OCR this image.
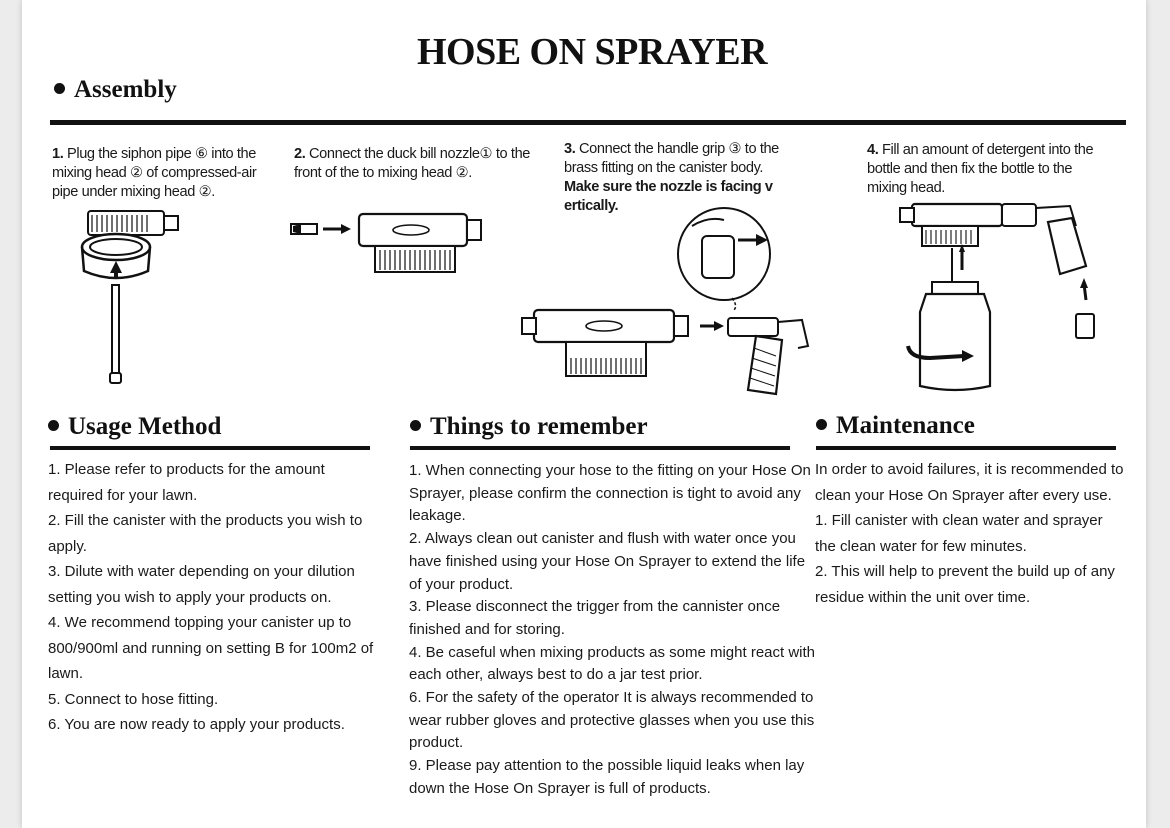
HOSE ON SPRAYER
Assembly
1. Plug the siphon pipe ⑥ into the mixing head ② of compressed-air pipe under mixing head ②.
2. Connect the duck bill nozzle① to the front of the to mixing head ②.
3. Connect the handle grip ③ to the brass fitting on the canister body.
Make sure the nozzle is facing v ertically.
4. Fill an amount of detergent into the bottle and then fix the bottle to the mixing head.
Usage Method
1. Please refer to products for the amount required for your lawn.
2. Fill the canister with the products you wish to apply.
3. Dilute with water depending on your dilution setting you wish to apply your products on.
4. We recommend topping your canister up to 800/900ml and running on setting B for 100m2 of lawn.
5. Connect to hose fitting.
6. You are now ready to apply your products.
Things to remember
1. When connecting your hose to the fitting on your Hose On Sprayer, please confirm the connection is tight to avoid any leakage.
2. Always clean out canister and flush with water once you have finished using your Hose On Sprayer to extend the life of your product.
3. Please disconnect the trigger from the cannister once finished and for storing.
4. Be caseful when mixing products as some might react with each other, always best to do a jar test prior.
6. For the safety of the operator It is always recommended to wear rubber gloves and protective glasses when you use this product.
9. Please pay attention to the possible liquid leaks when lay down the Hose On Sprayer is full of products.
Maintenance
In order to avoid failures, it is recommended to clean your Hose On Sprayer after every use.
1. Fill canister with clean water and sprayer the clean water for few minutes.
2. This will help to prevent the build up of any residue within the unit over time.
